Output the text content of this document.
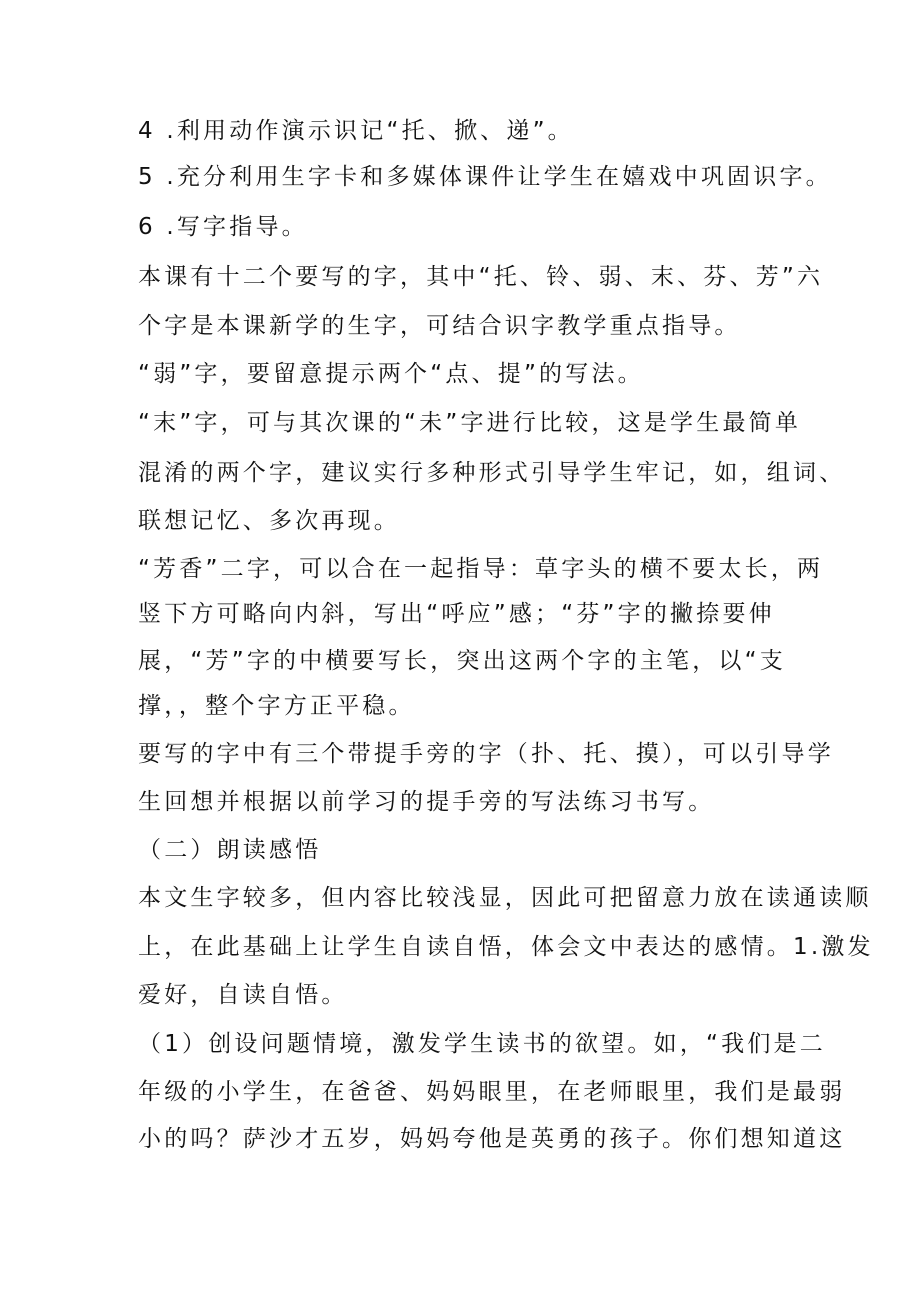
4 .利用动作演示识记“托、掀、递”。
5 .充分利用生字卡和多媒体课件让学生在嬉戏中巩固识字。
6 .写字指导。
本课有十二个要写的字，其中“托、铃、弱、末、芬、芳”六
个字是本课新学的生字，可结合识字教学重点指导。
“弱”字，要留意提示两个“点、提”的写法。
“末”字，可与其次课的“未”字进行比较，这是学生最简单
混淆的两个字，建议实行多种形式引导学生牢记，如，组词、
联想记忆、多次再现。
“芳香”二字，可以合在一起指导：草字头的横不要太长，两
竖下方可略向内斜，写出“呼应”感；“芬”字的撇捺要伸
展，“芳”字的中横要写长，突出这两个字的主笔，以“支
撑，，整个字方正平稳。
要写的字中有三个带提手旁的字（扑、托、摸），可以引导学
生回想并根据以前学习的提手旁的写法练习书写。
（二）朗读感悟
本文生字较多，但内容比较浅显，因此可把留意力放在读通读顺
上，在此基础上让学生自读自悟，体会文中表达的感情。1.激发
爱好，自读自悟。
（1）创设问题情境，激发学生读书的欲望。如，“我们是二
年级的小学生，在爸爸、妈妈眼里，在老师眼里，我们是最弱
小的吗？萨沙才五岁，妈妈夸他是英勇的孩子。你们想知道这
